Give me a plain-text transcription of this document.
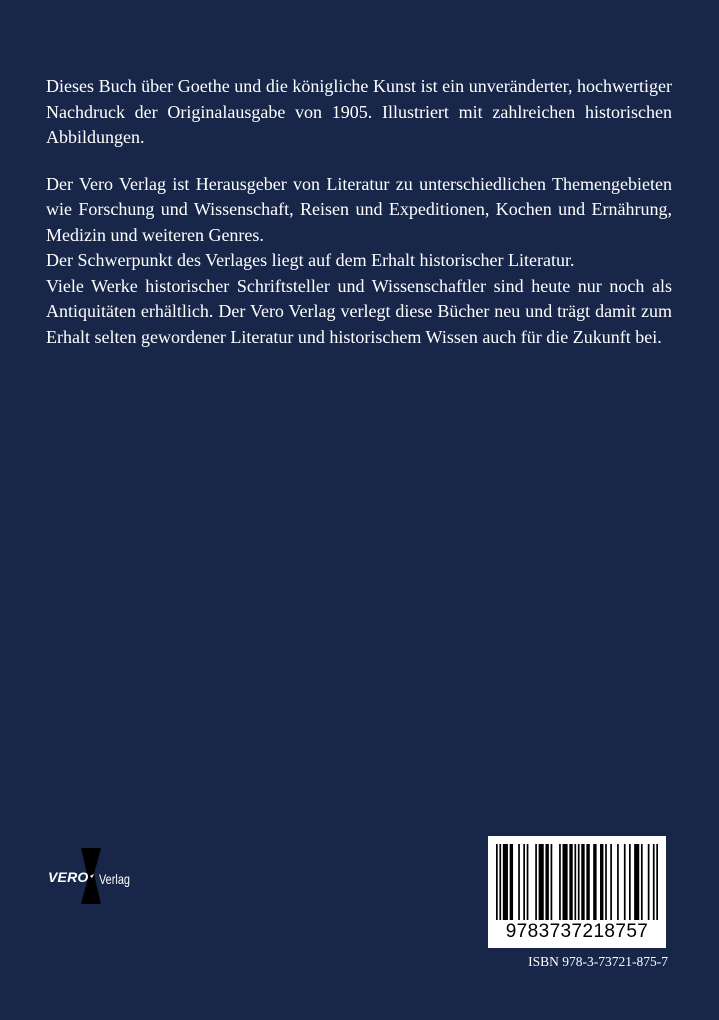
Dieses Buch über Goethe und die königliche Kunst ist ein unveränderter, hochwertiger Nachdruck der Originalausgabe von 1905. Illustriert mit zahlreichen historischen Abbildungen.

Der Vero Verlag ist Herausgeber von Literatur zu unterschiedlichen Themengebieten wie Forschung und Wissenschaft, Reisen und Expeditionen, Kochen und Ernährung, Medizin und weiteren Genres.

Der Schwerpunkt des Verlages liegt auf dem Erhalt historischer Literatur.

Viele Werke historischer Schriftsteller und Wissenschaftler sind heute nur noch als Antiquitäten erhältlich. Der Vero Verlag verlegt diese Bücher neu und trägt damit zum Erhalt selten gewordener Literatur und historischem Wissen auch für die Zukunft bei.

VERO Verlag
9783737218757
ISBN 978-3-73721-875-7
